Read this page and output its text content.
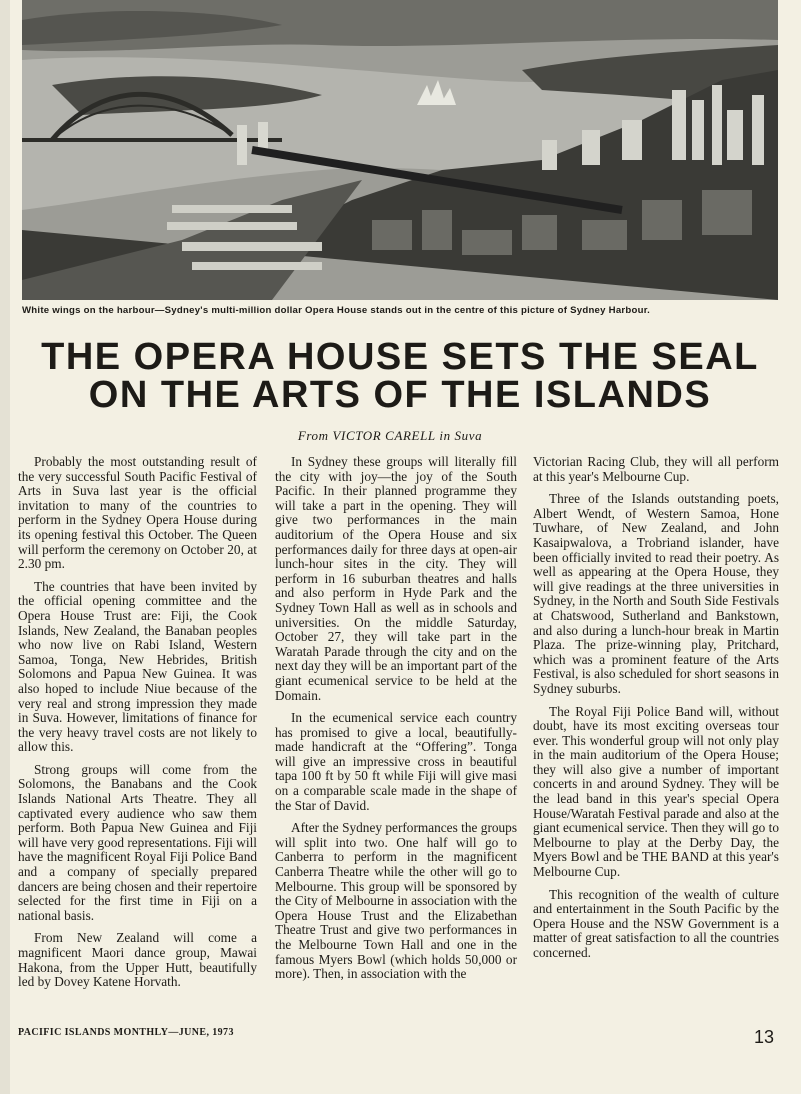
White wings on the harbour—Sydney's multi-million dollar Opera House stands out in the centre of this picture of Sydney Harbour.
THE OPERA HOUSE SETS THE SEAL
ON THE ARTS OF THE ISLANDS
From VICTOR CARELL in Suva

Probably the most outstanding result of the very successful South Pacific Festival of Arts in Suva last year is the official invitation to many of the countries to perform in the Sydney Opera House during its opening festival this October. The Queen will perform the ceremony on October 20, at 2.30 pm.

The countries that have been invited by the official opening committee and the Opera House Trust are: Fiji, the Cook Islands, New Zealand, the Banaban peoples who now live on Rabi Island, Western Samoa, Tonga, New Hebrides, British Solomons and Papua New Guinea. It was also hoped to include Niue because of the very real and strong impression they made in Suva. However, limitations of finance for the very heavy travel costs are not likely to allow this.

Strong groups will come from the Solomons, the Banabans and the Cook Islands National Arts Theatre. They all captivated every audience who saw them perform. Both Papua New Guinea and Fiji will have very good representations. Fiji will have the magnificent Royal Fiji Police Band and a company of specially prepared dancers are being chosen and their repertoire selected for the first time in Fiji on a national basis.

From New Zealand will come a magnificent Maori dance group, Mawai Hakona, from the Upper Hutt, beautifully led by Dovey Katene Horvath.

In Sydney these groups will literally fill the city with joy—the joy of the South Pacific. In their planned programme they will take a part in the opening. They will give two performances in the main auditorium of the Opera House and six performances daily for three days at open-air lunch-hour sites in the city. They will perform in 16 suburban theatres and halls and also perform in Hyde Park and the Sydney Town Hall as well as in schools and universities. On the middle Saturday, October 27, they will take part in the Waratah Parade through the city and on the next day they will be an important part of the giant ecumenical service to be held at the Domain.

In the ecumenical service each country has promised to give a local, beautifully-made handicraft at the “Offering”. Tonga will give an impressive cross in beautiful tapa 100 ft by 50 ft while Fiji will give masi on a comparable scale made in the shape of the Star of David.

After the Sydney performances the groups will split into two. One half will go to Canberra to perform in the magnificent Canberra Theatre while the other will go to Melbourne. This group will be sponsored by the City of Melbourne in association with the Opera House Trust and the Elizabethan Theatre Trust and give two performances in the Melbourne Town Hall and one in the famous Myers Bowl (which holds 50,000 or more). Then, in association with the

Victorian Racing Club, they will all perform at this year's Melbourne Cup.

Three of the Islands outstanding poets, Albert Wendt, of Western Samoa, Hone Tuwhare, of New Zealand, and John Kasaipwalova, a Trobriand islander, have been officially invited to read their poetry. As well as appearing at the Opera House, they will give readings at the three universities in Sydney, in the North and South Side Festivals at Chatswood, Sutherland and Bankstown, and also during a lunch-hour break in Martin Plaza. The prize-winning play, Pritchard, which was a prominent feature of the Arts Festival, is also scheduled for short seasons in Sydney suburbs.

The Royal Fiji Police Band will, without doubt, have its most exciting overseas tour ever. This wonderful group will not only play in the main auditorium of the Opera House; they will also give a number of important concerts in and around Sydney. They will be the lead band in this year's special Opera House/Waratah Festival parade and also at the giant ecumenical service. Then they will go to Melbourne to play at the Derby Day, the Myers Bowl and be THE BAND at this year's Melbourne Cup.

This recognition of the wealth of culture and entertainment in the South Pacific by the Opera House and the NSW Government is a matter of great satisfaction to all the countries concerned.

PACIFIC ISLANDS MONTHLY—JUNE, 1973	13
